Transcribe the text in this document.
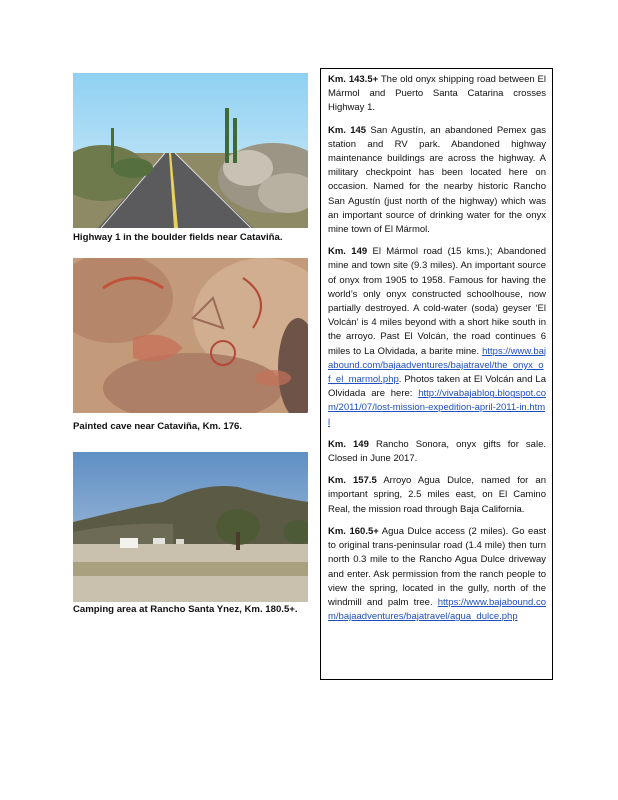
Highway 1 in the boulder fields near Cataviña.
Painted cave near Cataviña, Km. 176.
Camping area at Rancho Santa Ynez, Km. 180.5+.

Km. 143.5+ The old onyx shipping road between El Mármol and Puerto Santa Catarina crosses Highway 1.

Km. 145 San Agustín, an abandoned Pemex gas station and RV park. Abandoned highway maintenance buildings are across the highway. A military checkpoint has been located here on occasion. Named for the nearby historic Rancho San Agustín (just north of the highway) which was an important source of drinking water for the onyx mine town of El Mármol.

Km. 149 El Mármol road (15 kms.); Abandoned mine and town site (9.3 miles). An important source of onyx from 1905 to 1958. Famous for having the world’s only onyx constructed schoolhouse, now partially destroyed. A cold-water (soda) geyser ‘El Volcán’ is 4 miles beyond with a short hike south in the arroyo. Past El Volcán, the road continues 6 miles to La Olvidada, a barite mine. https://www.bajabound.com/bajaadventures/bajatravel/the_onyx_of_el_marmol.php. Photos taken at El Volcán and La Olvidada are here: http://vivabajablog.blogspot.com/2011/07/lost-mission-expedition-april-2011-in.html

Km. 149 Rancho Sonora, onyx gifts for sale. Closed in June 2017.

Km. 157.5 Arroyo Agua Dulce, named for an important spring, 2.5 miles east, on El Camino Real, the mission road through Baja California.

Km. 160.5+ Agua Dulce access (2 miles). Go east to original trans-peninsular road (1.4 mile) then turn north 0.3 mile to the Rancho Agua Dulce driveway and enter. Ask permission from the ranch people to view the spring, located in the gully, north of the windmill and palm tree. https://www.bajabound.com/bajaadventures/bajatravel/agua_dulce.php
